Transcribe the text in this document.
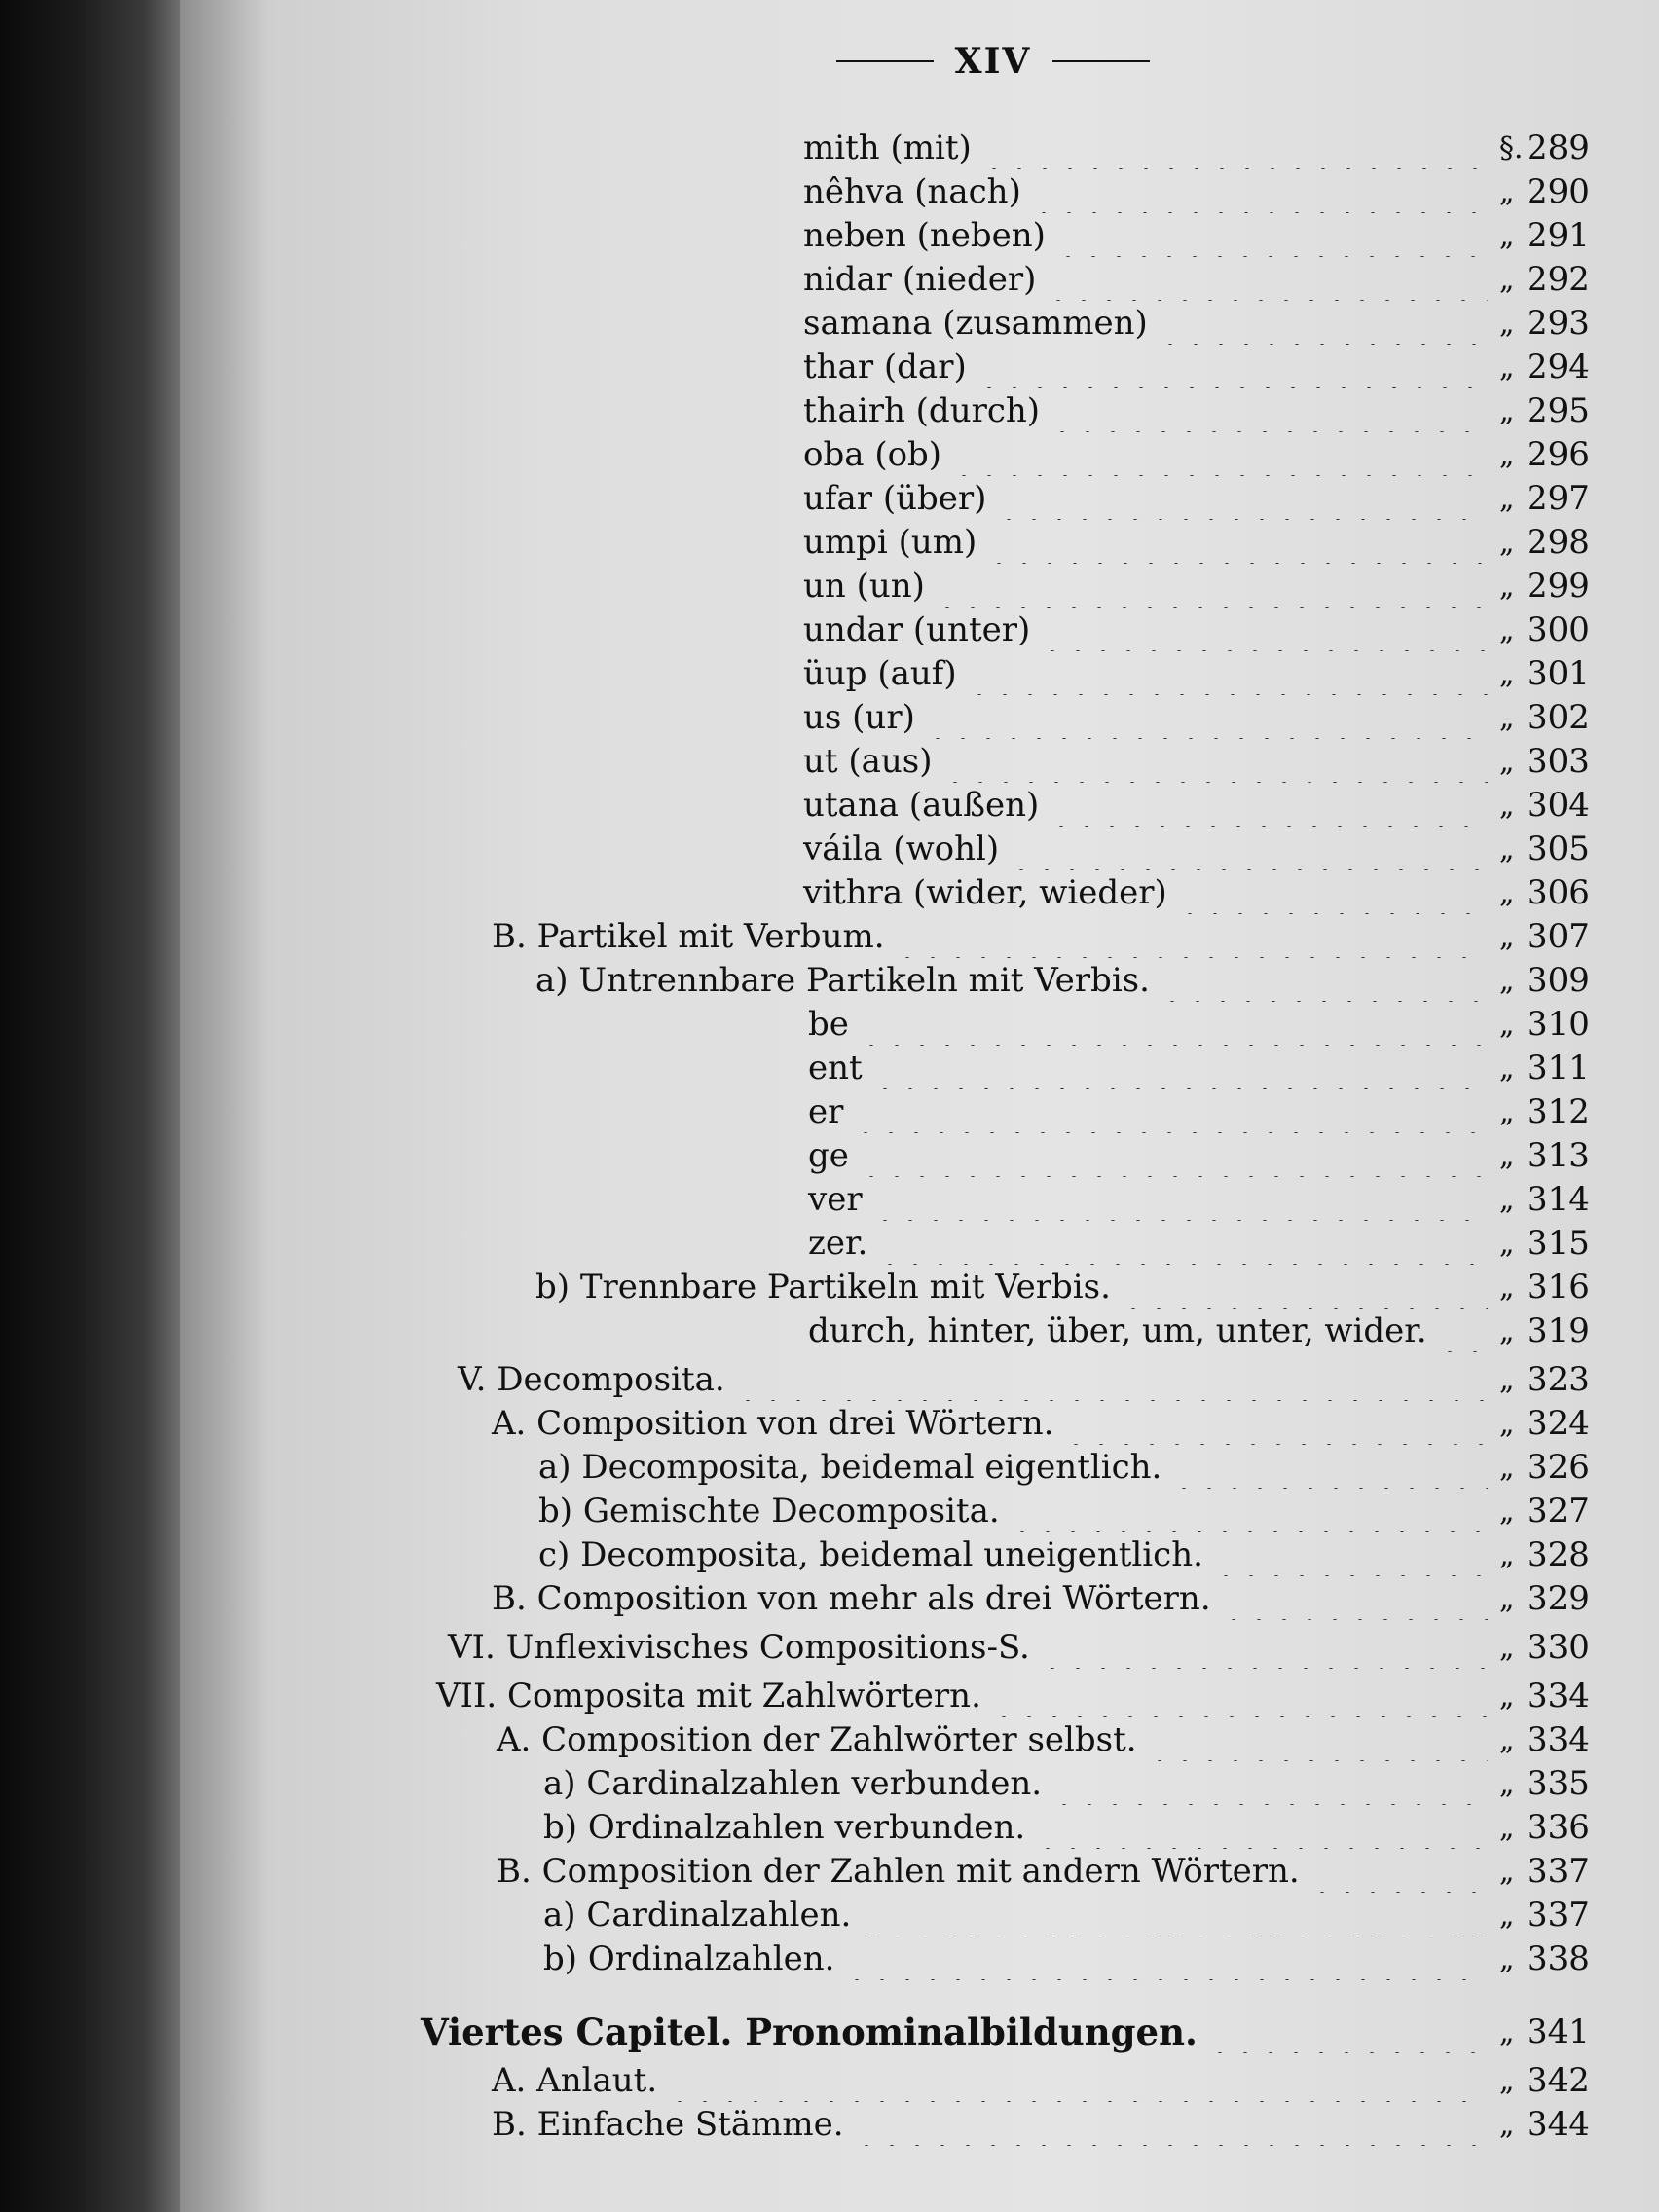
XIV
mith (mit)	§. 289
nêhva (nach)	„ 290
neben (neben)	„ 291
nidar (nieder)	„ 292
samana (zusammen)	„ 293
thar (dar)	„ 294
thairh (durch)	„ 295
oba (ob)	„ 296
ufar (über)	„ 297
umpi (um)	„ 298
un (un)	„ 299
undar (unter)	„ 300
üup (auf)	„ 301
us (ur)	„ 302
ut (aus)	„ 303
utana (außen)	„ 304
váila (wohl)	„ 305
vithra (wider, wieder)	„ 306
B. Partikel mit Verbum.	„ 307
a) Untrennbare Partikeln mit Verbis.	„ 309
be	„ 310
ent	„ 311
er	„ 312
ge	„ 313
ver	„ 314
zer.	„ 315
b) Trennbare Partikeln mit Verbis.	„ 316
durch, hinter, über, um, unter, wider.	„ 319
V. Decomposita.	„ 323
A. Composition von drei Wörtern.	„ 324
a) Decomposita, beidemal eigentlich.	„ 326
b) Gemischte Decomposita.	„ 327
c) Decomposita, beidemal uneigentlich.	„ 328
B. Composition von mehr als drei Wörtern.	„ 329
VI. Unflexivisches Compositions-S.	„ 330
VII. Composita mit Zahlwörtern.	„ 334
A. Composition der Zahlwörter selbst.	„ 334
a) Cardinalzahlen verbunden.	„ 335
b) Ordinalzahlen verbunden.	„ 336
B. Composition der Zahlen mit andern Wörtern.	„ 337
a) Cardinalzahlen.	„ 337
b) Ordinalzahlen.	„ 338
Viertes Capitel. Pronominalbildungen.	„ 341
A. Anlaut.	„ 342
B. Einfache Stämme.	„ 344
